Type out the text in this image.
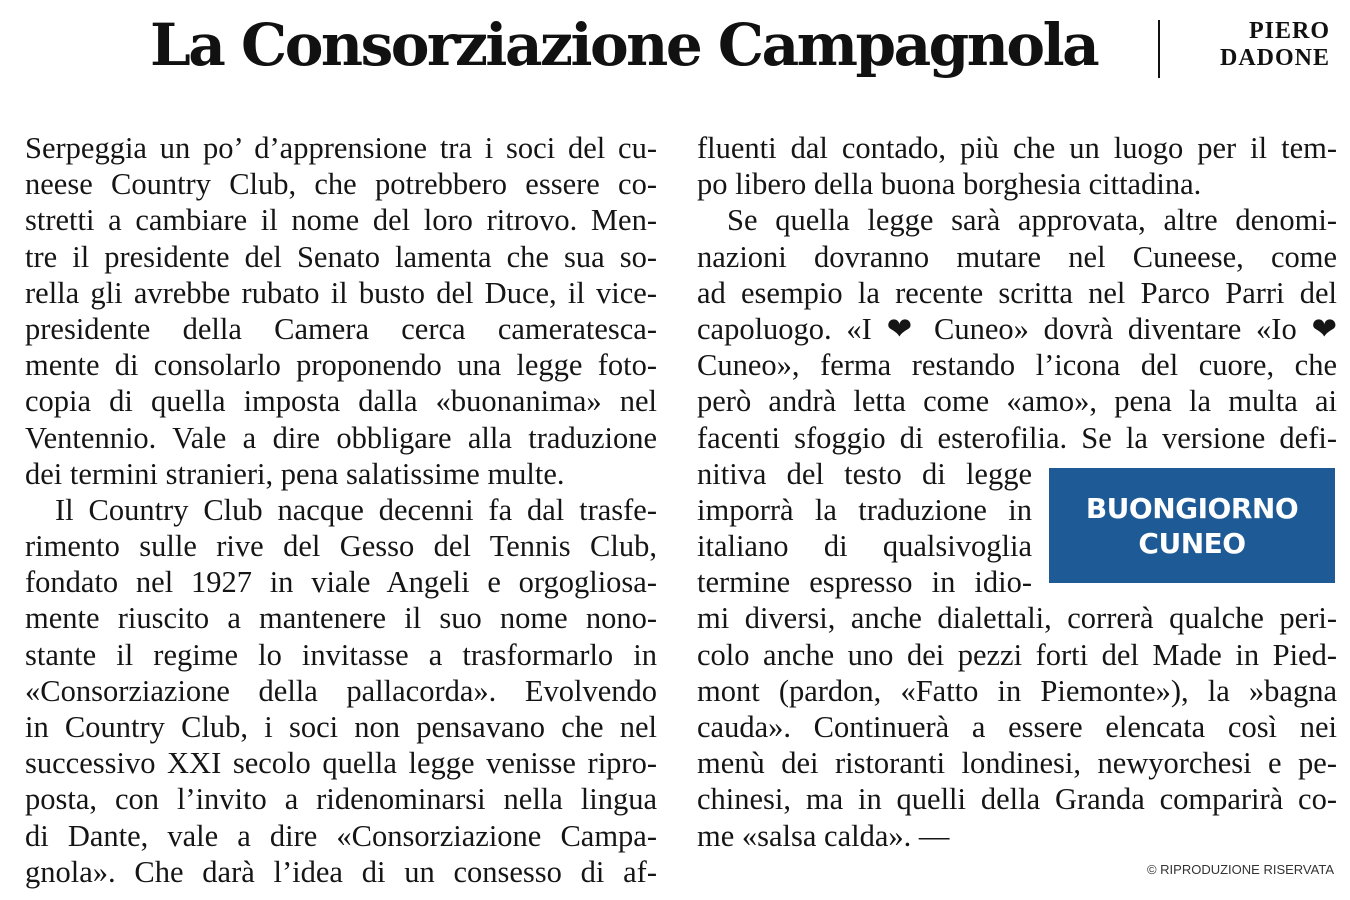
La Consorziazione Campagnola	PIERO
DADONE
Serpeggia un po’ d’apprensione tra i soci del cu-
neese Country Club, che potrebbero essere co-
stretti a cambiare il nome del loro ritrovo. Men-
tre il presidente del Senato lamenta che sua so-
rella gli avrebbe rubato il busto del Duce, il vice-
presidente della Camera cerca cameratescа-
mente di consolarlo proponendo una legge foto-
copia di quella imposta dalla «buonanima» nel
Ventennio. Vale a dire obbligare alla traduzione
dei termini stranieri, pena salatissime multe.
Il Country Club nacque decenni fa dal trasfe-
rimento sulle rive del Gesso del Tennis Club,
fondato nel 1927 in viale Angeli e orgogliosa-
mente riuscito a mantenere il suo nome nono-
stante il regime lo invitasse a trasformarlo in
«Consorziazione della pallacorda». Evolvendo
in Country Club, i soci non pensavano che nel
successivo XXI secolo quella legge venisse ripro-
posta, con l’invito a ridenominarsi nella lingua
di Dante, vale a dire «Consorziazione Campa-
gnola». Che darà l’idea di un consesso di af-
fluenti dal contado, più che un luogo per il tem-
po libero della buona borghesia cittadina.
Se quella legge sarà approvata, altre denomi-
nazioni dovranno mutare nel Cuneese, come
ad esempio la recente scritta nel Parco Parri del
capoluogo. «I ❤ Cuneo» dovrà diventare «Io ❤
Cuneo», ferma restando l’icona del cuore, che
però andrà letta come «amo», pena la multa ai
facenti sfoggio di esterofilia. Se la versione defi-
nitiva del testo di legge
imporrà la traduzione in
italiano di qualsivoglia
termine espresso in idio-
mi diversi, anche dialettali, correrà qualche peri-
colo anche uno dei pezzi forti del Made in Pied-
mont (pardon, «Fatto in Piemonte»), la »bagna
cauda». Continuerà a essere elencata così nei
menù dei ristoranti londinesi, newyorchesi e pe-
chinesi, ma in quelli della Granda comparirà co-
me «salsa calda». —
BUONGIORNO
CUNEO
© RIPRODUZIONE RISERVATA
